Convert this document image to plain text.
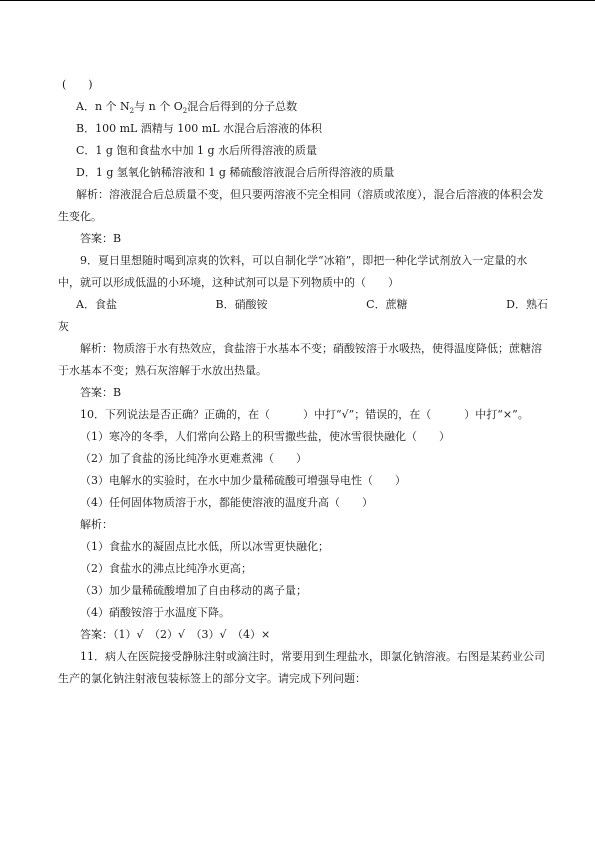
(　　)
A．n 个 $N_2$与 n 个 $O_2$混合后得到的分子总数
B．100 mL 酒精与 100 mL 水混合后溶液的体积
C．1 g 饱和食盐水中加 1 g 水后所得溶液的质量
D．1 g 氢氧化钠稀溶液和 1 g 稀硫酸溶液混合后所得溶液的质量
解析：溶液混合后总质量不变，但只要两溶液不完全相同（溶质或浓度），混合后溶液的体积会发生变化。
答案：B
9．夏日里想随时喝到凉爽的饮料，可以自制化学“冰箱”，即把一种化学试剂放入一定量的水中，就可以形成低温的小环境，这种试剂可以是下列物质中的（　　）
A．食盐	B．硝酸铵	C．蔗糖	D．熟石
灰
解析：物质溶于水有热效应，食盐溶于水基本不变；硝酸铵溶于水吸热，使得温度降低；蔗糖溶于水基本不变；熟石灰溶解于水放出热量。
答案：B
10．下列说法是否正确？正确的，在（　　　）中打“√”；错误的，在（　　　）中打“×”。
（1）寒冷的冬季，人们常向公路上的积雪撒些盐，使冰雪很快融化（　　）
（2）加了食盐的汤比纯净水更难煮沸（　　）
（3）电解水的实验时，在水中加少量稀硫酸可增强导电性（　　）
（4）任何固体物质溶于水，都能使溶液的温度升高（　　）
解析：
（1）食盐水的凝固点比水低，所以冰雪更快融化；
（2）食盐水的沸点比纯净水更高；
（3）加少量稀硫酸增加了自由移动的离子量；
（4）硝酸铵溶于水温度下降。
答案：（1）√　（2）√　（3）√　（4）×
11．病人在医院接受静脉注射或滴注时，常要用到生理盐水，即氯化钠溶液。右图是某药业公司生产的氯化钠注射液包装标签上的部分文字。请完成下列问题：
